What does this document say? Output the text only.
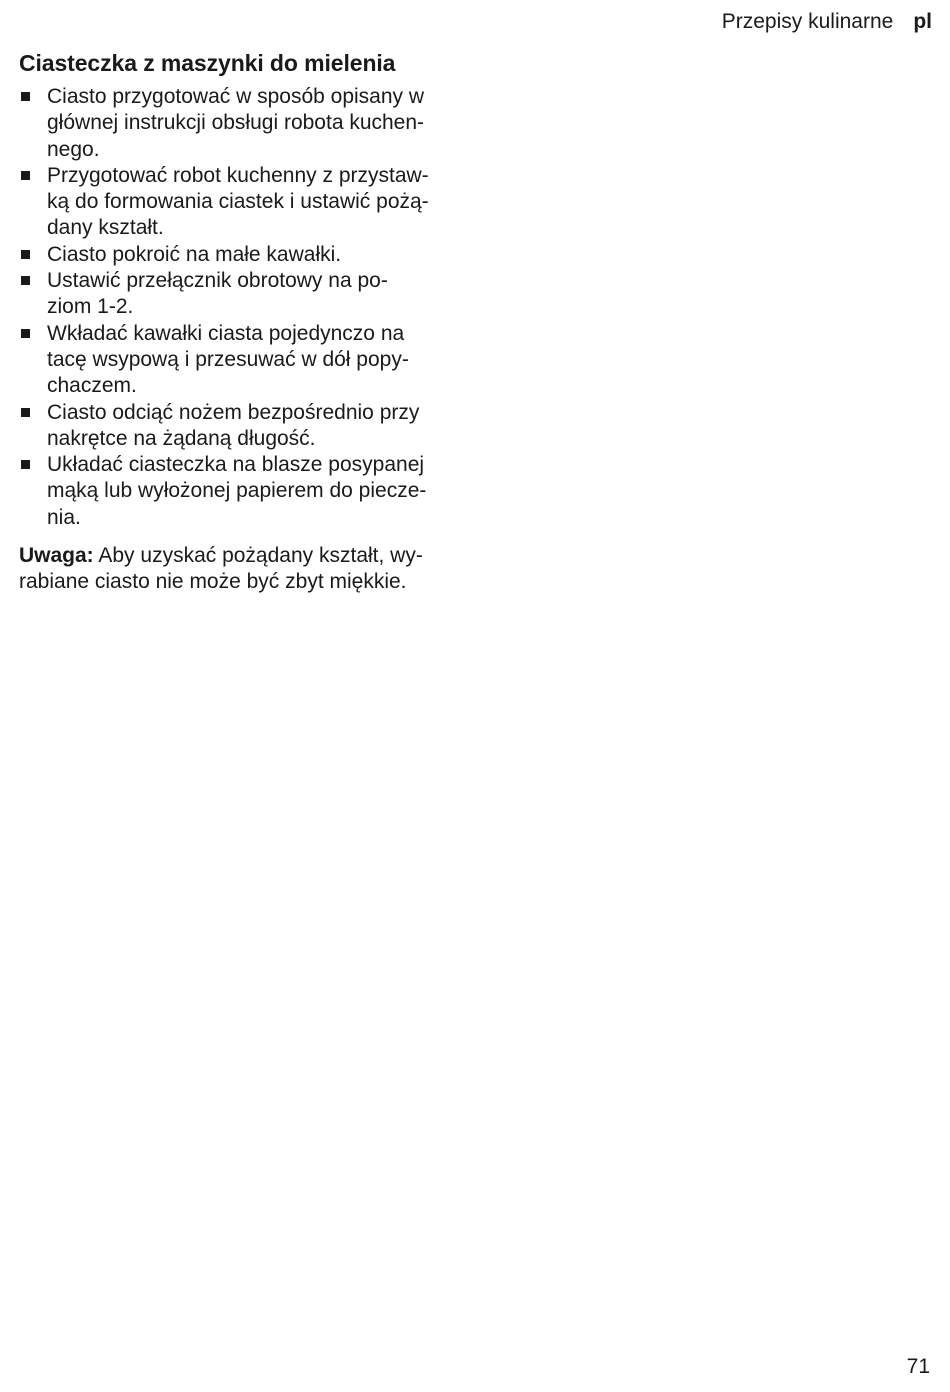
Przepisy kulinarne pl
Ciasteczka z maszynki do mielenia
Ciasto przygotować w sposób opisany w
głównej instrukcji obsługi robota kuchen-
nego.
Przygotować robot kuchenny z przystaw-
ką do formowania ciastek i ustawić pożą-
dany kształt.
Ciasto pokroić na małe kawałki.
Ustawić przełącznik obrotowy na po-
ziom 1-2.
Wkładać kawałki ciasta pojedynczo na
tacę wsypową i przesuwać w dół popy-
chaczem.
Ciasto odciąć nożem bezpośrednio przy
nakrętce na żądaną długość.
Układać ciasteczka na blasze posypanej
mąką lub wyłożonej papierem do piecze-
nia.

Uwaga: Aby uzyskać pożądany kształt, wy-
rabiane ciasto nie może być zbyt miękkie.

71
